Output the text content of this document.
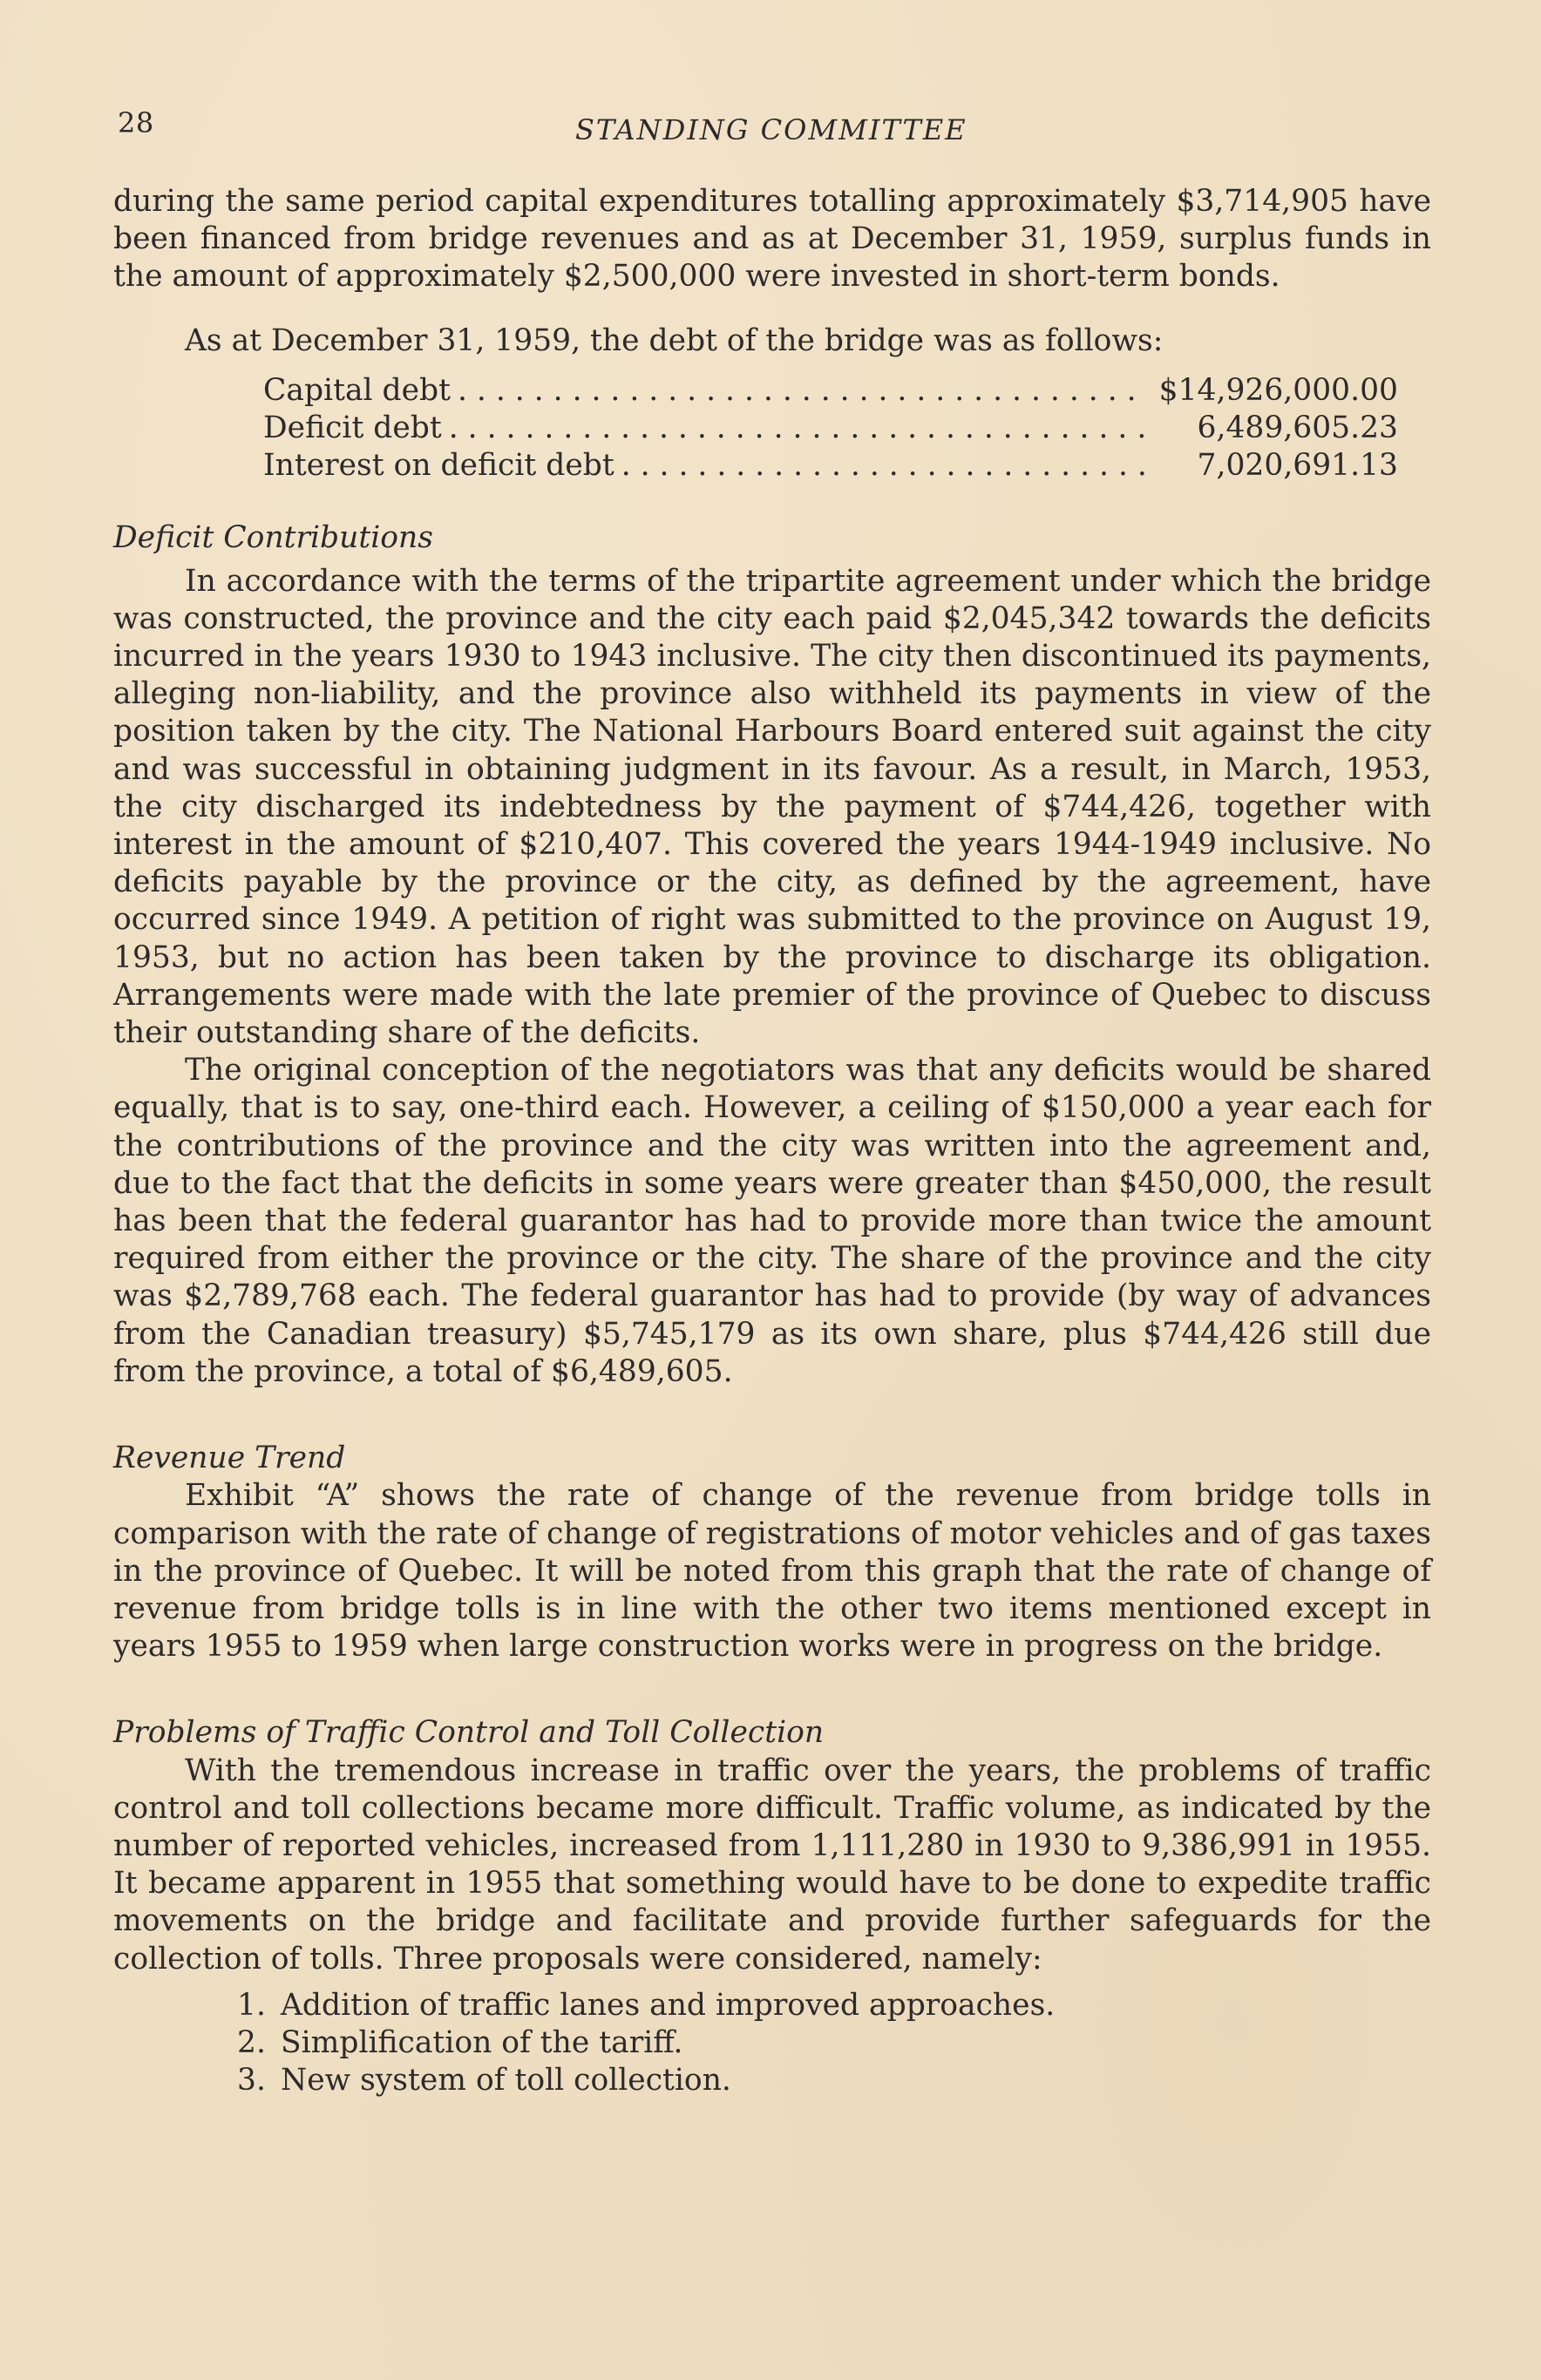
28	STANDING COMMITTEE

during the same period capital expenditures totalling approximately $3,714,905 have been financed from bridge revenues and as at December 31, 1959, surplus funds in the amount of approximately $2,500,000 were invested in short-term bonds.

As at December 31, 1959, the debt of the bridge was as follows:

Capital debt . . .	$14,926,000.00
Deficit debt . . .	6,489,605.23
Interest on deficit debt . . .	7,020,691.13
Deficit Contributions

In accordance with the terms of the tripartite agreement under which the bridge was constructed, the province and the city each paid $2,045,342 towards the deficits incurred in the years 1930 to 1943 inclusive. The city then discontinued its payments, alleging non-liability, and the province also withheld its payments in view of the position taken by the city. The National Harbours Board entered suit against the city and was successful in obtaining judgment in its favour. As a result, in March, 1953, the city discharged its indebtedness by the payment of $744,426, together with interest in the amount of $210,407. This covered the years 1944-1949 inclusive. No deficits payable by the province or the city, as defined by the agreement, have occurred since 1949. A petition of right was submitted to the province on August 19, 1953, but no action has been taken by the province to discharge its obligation. Arrangements were made with the late premier of the province of Quebec to discuss their outstanding share of the deficits.

The original conception of the negotiators was that any deficits would be shared equally, that is to say, one-third each. However, a ceiling of $150,000 a year each for the contributions of the province and the city was written into the agreement and, due to the fact that the deficits in some years were greater than $450,000, the result has been that the federal guarantor has had to provide more than twice the amount required from either the province or the city. The share of the province and the city was $2,789,768 each. The federal guarantor has had to provide (by way of advances from the Canadian treasury) $5,745,179 as its own share, plus $744,426 still due from the province, a total of $6,489,605.

Revenue Trend

Exhibit “A” shows the rate of change of the revenue from bridge tolls in comparison with the rate of change of registrations of motor vehicles and of gas taxes in the province of Quebec. It will be noted from this graph that the rate of change of revenue from bridge tolls is in line with the other two items mentioned except in years 1955 to 1959 when large construction works were in progress on the bridge.

Problems of Traffic Control and Toll Collection

With the tremendous increase in traffic over the years, the problems of traffic control and toll collections became more difficult. Traffic volume, as indicated by the number of reported vehicles, increased from 1,111,280 in 1930 to 9,386,991 in 1955. It became apparent in 1955 that something would have to be done to expedite traffic movements on the bridge and facilitate and provide further safeguards for the collection of tolls. Three proposals were considered, namely:

1. Addition of traffic lanes and improved approaches.
2. Simplification of the tariff.
3. New system of toll collection.
